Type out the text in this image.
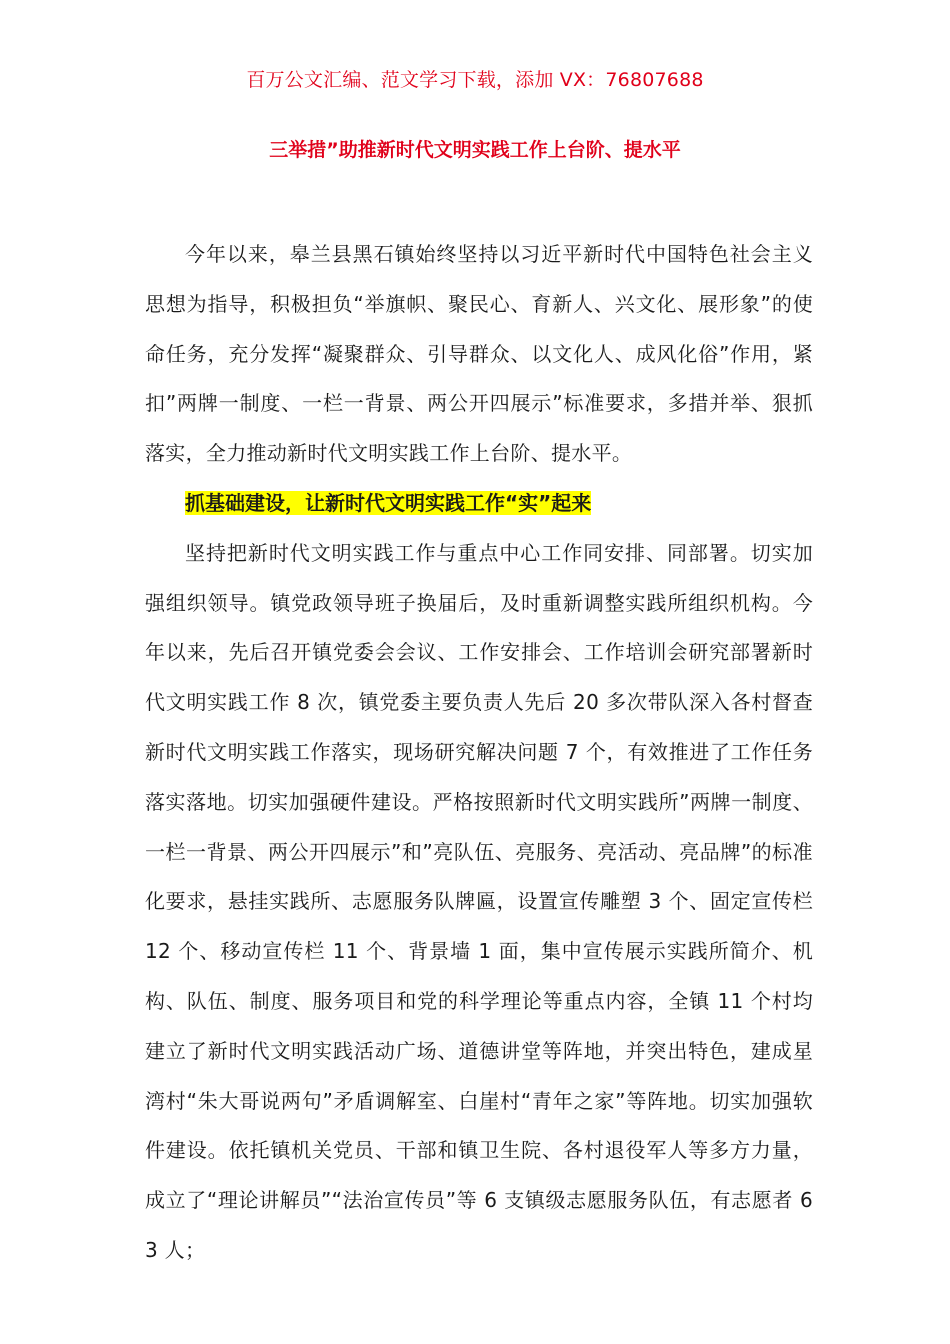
百万公文汇编、范文学习下载，添加 VX：76807688
三举措”助推新时代文明实践工作上台阶、提水平

今年以来，皋兰县黑石镇始终坚持以习近平新时代中国特色社会主义思想为指导，积极担负“举旗帜、聚民心、育新人、兴文化、展形象”的使命任务，充分发挥“凝聚群众、引导群众、以文化人、成风化俗”作用，紧扣”两牌一制度、一栏一背景、两公开四展示”标准要求，多措并举、狠抓落实，全力推动新时代文明实践工作上台阶、提水平。

抓基础建设，让新时代文明实践工作“实”起来

坚持把新时代文明实践工作与重点中心工作同安排、同部署。切实加强组织领导。镇党政领导班子换届后，及时重新调整实践所组织机构。今年以来，先后召开镇党委会会议、工作安排会、工作培训会研究部署新时代文明实践工作 8 次，镇党委主要负责人先后 20 多次带队深入各村督查新时代文明实践工作落实，现场研究解决问题 7 个，有效推进了工作任务落实落地。切实加强硬件建设。严格按照新时代文明实践所”两牌一制度、一栏一背景、两公开四展示”和”亮队伍、亮服务、亮活动、亮品牌”的标准化要求，悬挂实践所、志愿服务队牌匾，设置宣传雕塑 3 个、固定宣传栏 12 个、移动宣传栏 11 个、背景墙 1 面，集中宣传展示实践所简介、机构、队伍、制度、服务项目和党的科学理论等重点内容，全镇 11 个村均建立了新时代文明实践活动广场、道德讲堂等阵地，并突出特色，建成星湾村“朱大哥说两句”矛盾调解室、白崖村“青年之家”等阵地。切实加强软件建设。依托镇机关党员、干部和镇卫生院、各村退役军人等多方力量，成立了“理论讲解员”“法治宣传员”等 6 支镇级志愿服务队伍，有志愿者 63 人；
